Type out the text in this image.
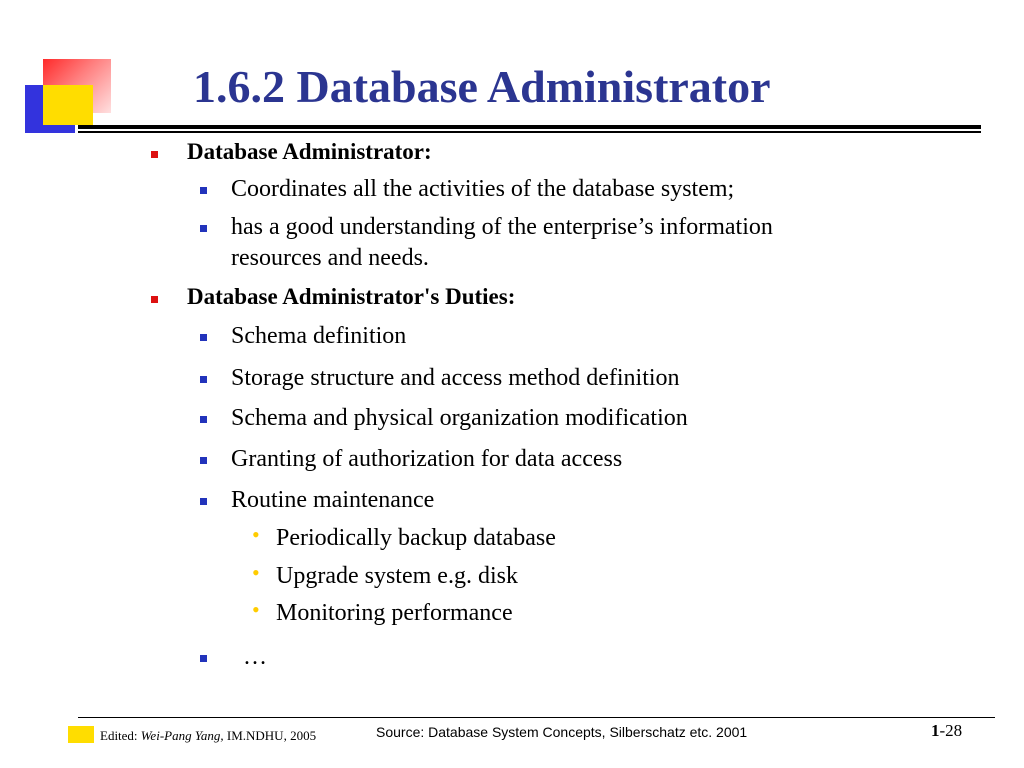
1.6.2 Database Administrator
Database Administrator:
Coordinates all the activities of the database system;
has a good understanding of the enterprise’s information
resources and needs.
Database Administrator's Duties:
Schema definition
Storage structure and access method definition
Schema and physical organization modification
Granting of authorization for data access
Routine maintenance
• Periodically backup database
• Upgrade system e.g. disk
• Monitoring performance
…
Edited: Wei-Pang Yang, IM.NDHU, 2005	Source: Database System Concepts, Silberschatz etc. 2001	1-28
